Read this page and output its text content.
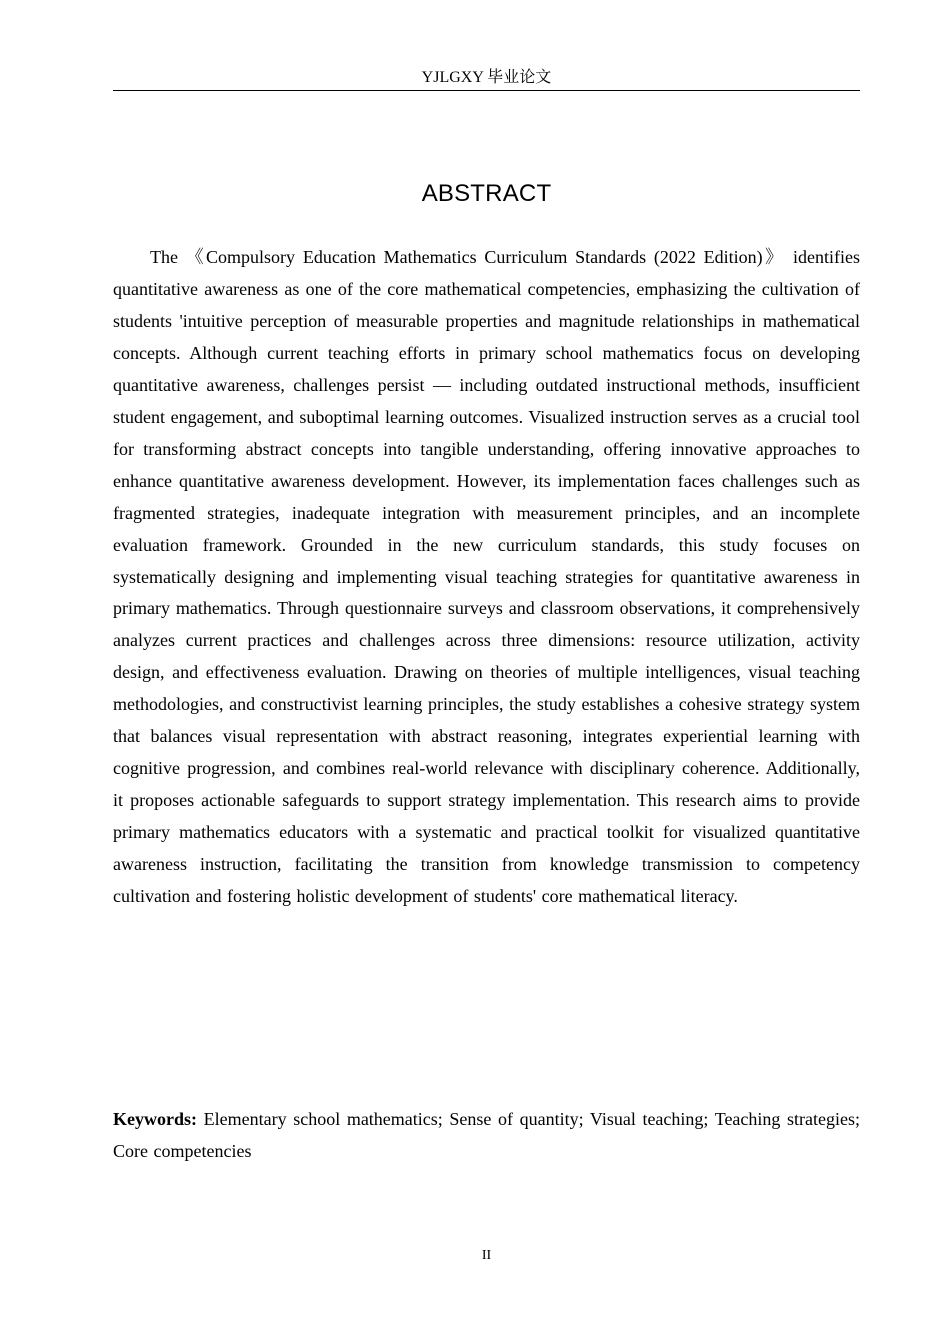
YJLGXY 毕业论文
ABSTRACT

The 《Compulsory Education Mathematics Curriculum Standards (2022 Edition)》 identifies quantitative awareness as one of the core mathematical competencies, emphasizing the cultivation of students 'intuitive perception of measurable properties and magnitude relationships in mathematical concepts. Although current teaching efforts in primary school mathematics focus on developing quantitative awareness, challenges persist — including outdated instructional methods, insufficient student engagement, and suboptimal learning outcomes. Visualized instruction serves as a crucial tool for transforming abstract concepts into tangible understanding, offering innovative approaches to enhance quantitative awareness development. However, its implementation faces challenges such as fragmented strategies, inadequate integration with measurement principles, and an incomplete evaluation framework. Grounded in the new curriculum standards, this study focuses on systematically designing and implementing visual teaching strategies for quantitative awareness in primary mathematics. Through questionnaire surveys and classroom observations, it comprehensively analyzes current practices and challenges across three dimensions: resource utilization, activity design, and effectiveness evaluation. Drawing on theories of multiple intelligences, visual teaching methodologies, and constructivist learning principles, the study establishes a cohesive strategy system that balances visual representation with abstract reasoning, integrates experiential learning with cognitive progression, and combines real-world relevance with disciplinary coherence. Additionally, it proposes actionable safeguards to support strategy implementation. This research aims to provide primary mathematics educators with a systematic and practical toolkit for visualized quantitative awareness instruction, facilitating the transition from knowledge transmission to competency cultivation and fostering holistic development of students' core mathematical literacy.

Keywords: Elementary school mathematics; Sense of quantity; Visual teaching; Teaching strategies; Core competencies

II
